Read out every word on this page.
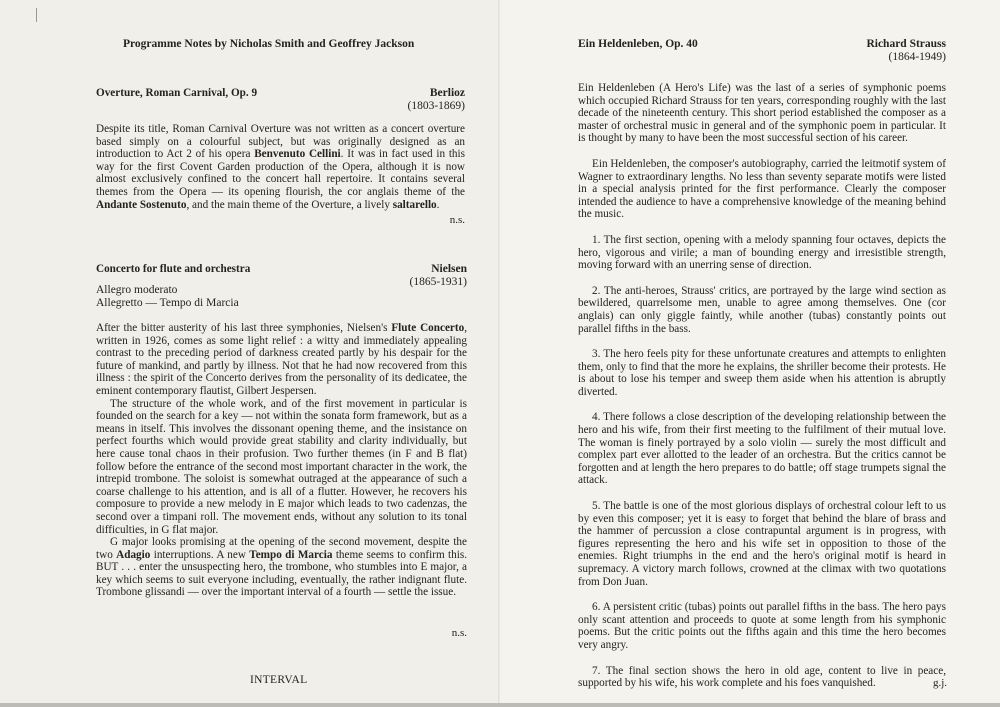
Programme Notes by Nicholas Smith and Geoffrey Jackson
Overture, Roman Carnival, Op. 9	Berlioz
(1803-1869)
Despite its title, Roman Carnival Overture was not written as a concert overture based simply on a colourful subject, but was originally designed as an introduction to Act 2 of his opera Benvenuto Cellini. It was in fact used in this way for the first Covent Garden production of the Opera, although it is now almost exclusively confined to the concert hall repertoire. It contains several themes from the Opera — its opening flourish, the cor anglais theme of the Andante Sostenuto, and the main theme of the Overture, a lively saltarello.
n.s.
Concerto for flute and orchestra	Nielsen
(1865-1931)
Allegro moderato
Allegretto — Tempo di Marcia
After the bitter austerity of his last three symphonies, Nielsen's Flute Concerto, written in 1926, comes as some light relief : a witty and immediately appealing contrast to the preceding period of darkness created partly by his despair for the future of mankind, and partly by illness. Not that he had now recovered from this illness : the spirit of the Concerto derives from the personality of its dedicatee, the eminent contemporary flautist, Gilbert Jespersen.
The structure of the whole work, and of the first movement in particular is founded on the search for a key — not within the sonata form framework, but as a means in itself. This involves the dissonant opening theme, and the insistance on perfect fourths which would provide great stability and clarity individually, but here cause tonal chaos in their profusion. Two further themes (in F and B flat) follow before the entrance of the second most important character in the work, the intrepid trombone. The soloist is somewhat outraged at the appearance of such a coarse challenge to his attention, and is all of a flutter. However, he recovers his composure to provide a new melody in E major which leads to two cadenzas, the second over a timpani roll. The movement ends, without any solution to its tonal difficulties, in G flat major.
G major looks promising at the opening of the second movement, despite the two Adagio interruptions. A new Tempo di Marcia theme seems to confirm this. BUT . . . enter the unsuspecting hero, the trombone, who stumbles into E major, a key which seems to suit everyone including, eventually, the rather indignant flute. Trombone glissandi — over the important interval of a fourth — settle the issue.
n.s.
INTERVAL
Ein Heldenleben, Op. 40	Richard Strauss
(1864-1949)
Ein Heldenleben (A Hero's Life) was the last of a series of symphonic poems which occupied Richard Strauss for ten years, corresponding roughly with the last decade of the nineteenth century. This short period established the composer as a master of orchestral music in general and of the symphonic poem in particular. It is thought by many to have been the most successful section of his career.
Ein Heldenleben, the composer's autobiography, carried the leitmotif system of Wagner to extraordinary lengths. No less than seventy separate motifs were listed in a special analysis printed for the first performance. Clearly the composer intended the audience to have a comprehensive knowledge of the meaning behind the music.
1. The first section, opening with a melody spanning four octaves, depicts the hero, vigorous and virile; a man of bounding energy and irresistible strength, moving forward with an unerring sense of direction.
2. The anti-heroes, Strauss' critics, are portrayed by the large wind section as bewildered, quarrelsome men, unable to agree among themselves. One (cor anglais) can only giggle faintly, while another (tubas) constantly points out parallel fifths in the bass.
3. The hero feels pity for these unfortunate creatures and attempts to enlighten them, only to find that the more he explains, the shriller become their protests. He is about to lose his temper and sweep them aside when his attention is abruptly diverted.
4. There follows a close description of the developing relationship between the hero and his wife, from their first meeting to the fulfilment of their mutual love. The woman is finely portrayed by a solo violin — surely the most difficult and complex part ever allotted to the leader of an orchestra. But the critics cannot be forgotten and at length the hero prepares to do battle; off stage trumpets signal the attack.
5. The battle is one of the most glorious displays of orchestral colour left to us by even this composer; yet it is easy to forget that behind the blare of brass and the hammer of percussion a close contrapuntal argument is in progress, with figures representing the hero and his wife set in opposition to those of the enemies. Right triumphs in the end and the hero's original motif is heard in supremacy. A victory march follows, crowned at the climax with two quotations from Don Juan.
6. A persistent critic (tubas) points out parallel fifths in the bass. The hero pays only scant attention and proceeds to quote at some length from his symphonic poems. But the critic points out the fifths again and this time the hero becomes very angry.
7. The final section shows the hero in old age, content to live in peace, supported by his wife, his work complete and his foes vanquished.	g.j.
